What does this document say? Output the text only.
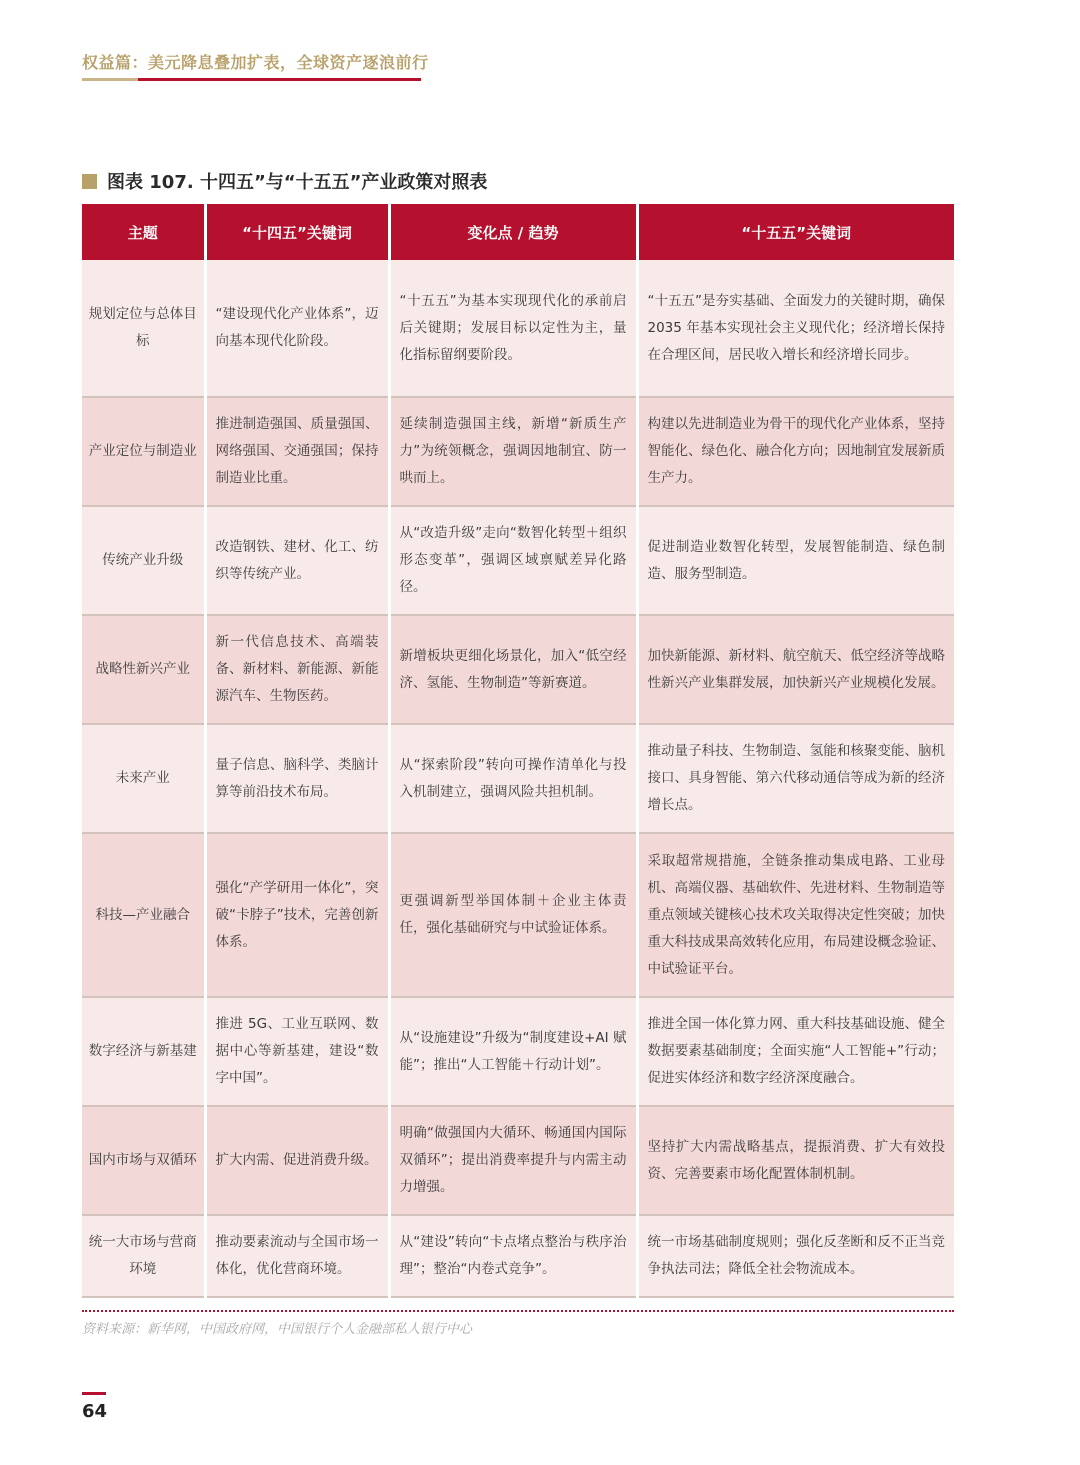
权益篇：美元降息叠加扩表，全球资产逐浪前行
图表 107. 十四五”与“十五五”产业政策对照表
主题	“十四五”关键词	变化点 / 趋势	“十五五”关键词
规划定位与总体目标	“建设现代化产业体系”，迈向基本现代化阶段。	“十五五”为基本实现现代化的承前启后关键期；发展目标以定性为主，量化指标留纲要阶段。	“十五五”是夯实基础、全面发力的关键时期，确保 2035 年基本实现社会主义现代化；经济增长保持在合理区间，居民收入增长和经济增长同步。
产业定位与制造业	推进制造强国、质量强国、网络强国、交通强国；保持制造业比重。	延续制造强国主线，新增“新质生产力”为统领概念，强调因地制宜、防一哄而上。	构建以先进制造业为骨干的现代化产业体系，坚持智能化、绿色化、融合化方向；因地制宜发展新质生产力。
传统产业升级	改造钢铁、建材、化工、纺织等传统产业。	从“改造升级”走向“数智化转型＋组织形态变革”，强调区域禀赋差异化路径。	促进制造业数智化转型，发展智能制造、绿色制造、服务型制造。
战略性新兴产业	新一代信息技术、高端装备、新材料、新能源、新能源汽车、生物医药。	新增板块更细化场景化，加入“低空经济、氢能、生物制造”等新赛道。	加快新能源、新材料、航空航天、低空经济等战略性新兴产业集群发展，加快新兴产业规模化发展。
未来产业	量子信息、脑科学、类脑计算等前沿技术布局。	从“探索阶段”转向可操作清单化与投入机制建立，强调风险共担机制。	推动量子科技、生物制造、氢能和核聚变能、脑机接口、具身智能、第六代移动通信等成为新的经济增长点。
科技—产业融合	强化“产学研用一体化”，突破“卡脖子”技术，完善创新体系。	更强调新型举国体制＋企业主体责任，强化基础研究与中试验证体系。	采取超常规措施，全链条推动集成电路、工业母机、高端仪器、基础软件、先进材料、生物制造等重点领域关键核心技术攻关取得决定性突破；加快重大科技成果高效转化应用，布局建设概念验证、中试验证平台。
数字经济与新基建	推进 5G、工业互联网、数据中心等新基建，建设“数字中国”。	从“设施建设”升级为“制度建设+AI 赋能”；推出“人工智能＋行动计划”。	推进全国一体化算力网、重大科技基础设施、健全数据要素基础制度；全面实施“人工智能+”行动；促进实体经济和数字经济深度融合。
国内市场与双循环	扩大内需、促进消费升级。	明确“做强国内大循环、畅通国内国际双循环”；提出消费率提升与内需主动力增强。	坚持扩大内需战略基点，提振消费、扩大有效投资、完善要素市场化配置体制机制。
统一大市场与营商环境	推动要素流动与全国市场一体化，优化营商环境。	从“建设”转向“卡点堵点整治与秩序治理”；整治“内卷式竞争”。	统一市场基础制度规则；强化反垄断和反不正当竞争执法司法；降低全社会物流成本。
资料来源：新华网，中国政府网，中国银行个人金融部私人银行中心
64
